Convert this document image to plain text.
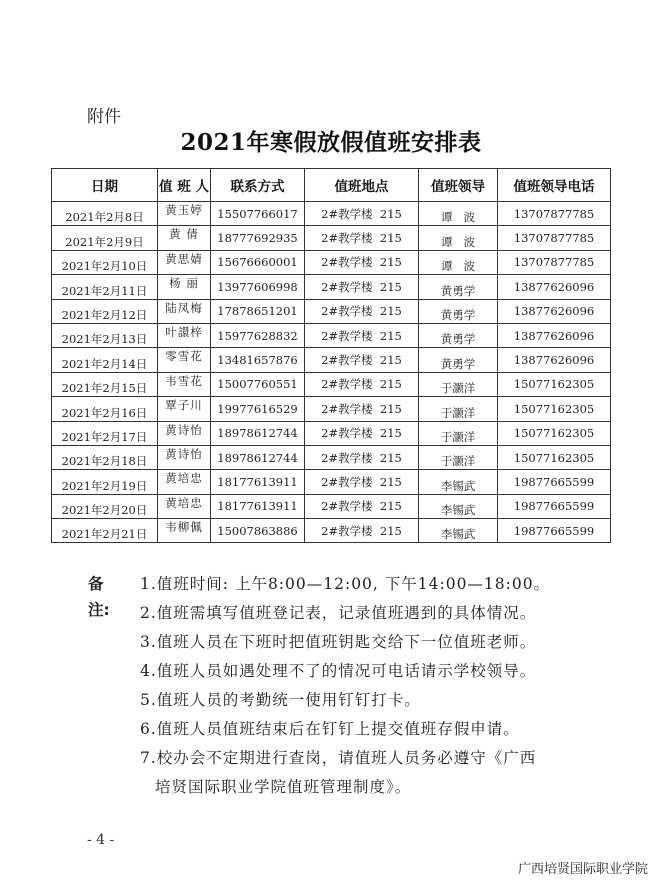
附件
2021年寒假放假值班安排表
日期	值 班 人	联系方式	值班地点	值班领导	值班领导电话
2021年2月8日	黄玉婷	15507766017	2#教学楼  215	谭   波	13707877785
2021年2月9日	黄 倩	18777692935	2#教学楼  215	谭   波	13707877785
2021年2月10日	黄思婧	15676660001	2#教学楼  215	谭   波	13707877785
2021年2月11日	杨 丽	13977606998	2#教学楼  215	黄勇学	13877626096
2021年2月12日	陆凤梅	17878651201	2#教学楼  215	黄勇学	13877626096
2021年2月13日	叶譞梓	15977628832	2#教学楼  215	黄勇学	13877626096
2021年2月14日	零雪花	13481657876	2#教学楼  215	黄勇学	13877626096
2021年2月15日	韦雪花	15007760551	2#教学楼  215	于灏洋	15077162305
2021年2月16日	覃子川	19977616529	2#教学楼  215	于灏洋	15077162305
2021年2月17日	黄诗怡	18978612744	2#教学楼  215	于灏洋	15077162305
2021年2月18日	黄诗怡	18978612744	2#教学楼  215	于灏洋	15077162305
2021年2月19日	黄培忠	18177613911	2#教学楼  215	李锡武	19877665599
2021年2月20日	黄培忠	18177613911	2#教学楼  215	李锡武	19877665599
2021年2月21日	韦柳佩	15007863886	2#教学楼  215	李锡武	19877665599
备注:
1.值班时间: 上午8:00—12:00, 下午14:00—18:00。
2.值班需填写值班登记表，记录值班遇到的具体情况。
3.值班人员在下班时把值班钥匙交给下一位值班老师。
4.值班人员如遇处理不了的情况可电话请示学校领导。
5.值班人员的考勤统一使用钉钉打卡。
6.值班人员值班结束后在钉钉上提交值班存假申请。
7.校办会不定期进行查岗，请值班人员务必遵守《广西
培贤国际职业学院值班管理制度》。
- 4 -
广西培贤国际职业学院
